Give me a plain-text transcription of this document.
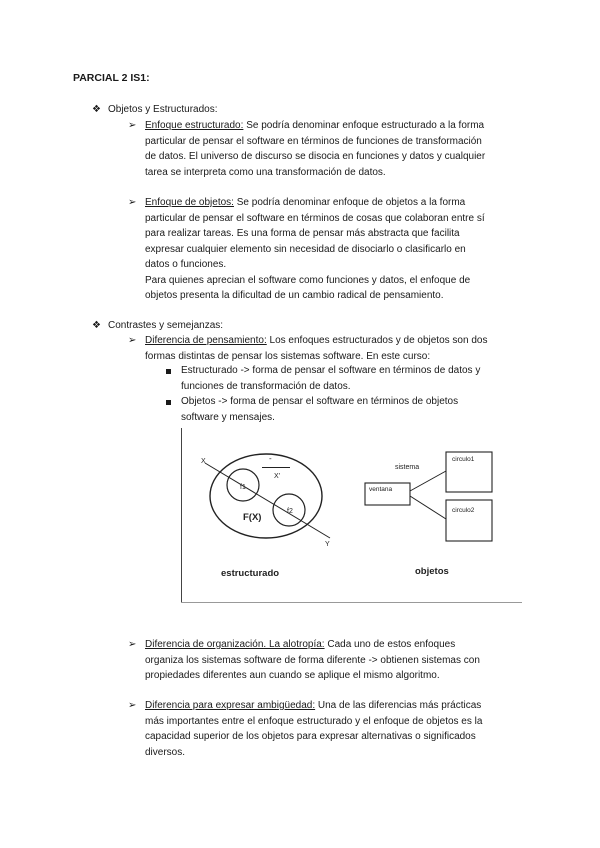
PARCIAL 2 IS1:
❖ Objetos y Estructurados:
➢ Enfoque estructurado: Se podría denominar enfoque estructurado a la forma
particular de pensar el software en términos de funciones de transformación
de datos. El universo de discurso se disocia en funciones y datos y cualquier
tarea se interpreta como una transformación de datos.
➢ Enfoque de objetos: Se podría denominar enfoque de objetos a la forma
particular de pensar el software en términos de cosas que colaboran entre sí
para realizar tareas. Es una forma de pensar más abstracta que facilita
expresar cualquier elemento sin necesidad de disociarlo o clasificarlo en
datos o funciones.
Para quienes aprecian el software como funciones y datos, el enfoque de
objetos presenta la dificultad de un cambio radical de pensamiento.
❖ Contrastes y semejanzas:
➢ Diferencia de pensamiento: Los enfoques estructurados y de objetos son dos
formas distintas de pensar los sistemas software. En este curso:
Estructurado -> forma de pensar el software en términos de datos y
funciones de transformación de datos.
Objetos -> forma de pensar el software en términos de objetos
software y mensajes.
X
Y
f1
f2
X'
-
F(X)
estructurado
sistema
ventana
circulo1
circulo2
objetos
➢ Diferencia de organización. La alotropía: Cada uno de estos enfoques
organiza los sistemas software de forma diferente -> obtienen sistemas con
propiedades diferentes aun cuando se aplique el mismo algoritmo.
➢ Diferencia para expresar ambigüedad: Una de las diferencias más prácticas
más importantes entre el enfoque estructurado y el enfoque de objetos es la
capacidad superior de los objetos para expresar alternativas o significados
diversos.
